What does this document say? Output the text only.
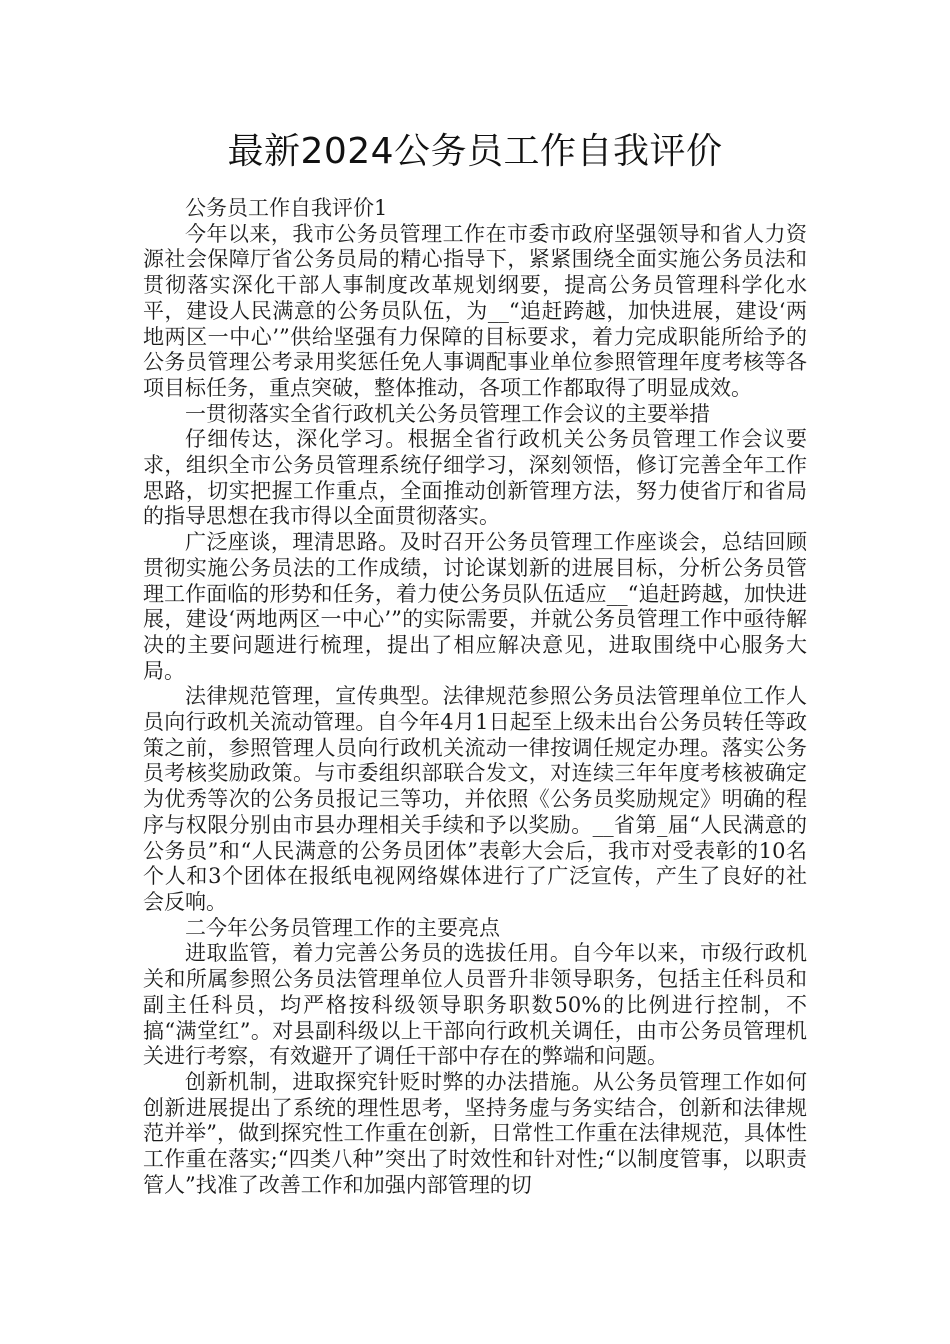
最新2024公务员工作自我评价

公务员工作自我评价1

今年以来，我市公务员管理工作在市委市政府坚强领导和省人力资源社会保障厅省公务员局的精心指导下，紧紧围绕全面实施公务员法和贯彻落实深化干部人事制度改革规划纲要，提高公务员管理科学化水平，建设人民满意的公务员队伍，为__“追赶跨越，加快进展，建设‘两地两区一中心’”供给坚强有力保障的目标要求，着力完成职能所给予的公务员管理公考录用奖惩任免人事调配事业单位参照管理年度考核等各项目标任务，重点突破，整体推动，各项工作都取得了明显成效。

一贯彻落实全省行政机关公务员管理工作会议的主要举措

仔细传达，深化学习。根据全省行政机关公务员管理工作会议要求，组织全市公务员管理系统仔细学习，深刻领悟，修订完善全年工作思路，切实把握工作重点，全面推动创新管理方法，努力使省厅和省局的指导思想在我市得以全面贯彻落实。

广泛座谈，理清思路。及时召开公务员管理工作座谈会，总结回顾贯彻实施公务员法的工作成绩，讨论谋划新的进展目标，分析公务员管理工作面临的形势和任务，着力使公务员队伍适应__“追赶跨越，加快进展，建设‘两地两区一中心’”的实际需要，并就公务员管理工作中亟待解决的主要问题进行梳理，提出了相应解决意见，进取围绕中心服务大局。

法律规范管理，宣传典型。法律规范参照公务员法管理单位工作人员向行政机关流动管理。自今年4月1日起至上级未出台公务员转任等政策之前，参照管理人员向行政机关流动一律按调任规定办理。落实公务员考核奖励政策。与市委组织部联合发文，对连续三年年度考核被确定为优秀等次的公务员报记三等功，并依照《公务员奖励规定》明确的程序与权限分别由市县办理相关手续和予以奖励。__省第_届“人民满意的公务员”和“人民满意的公务员团体”表彰大会后，我市对受表彰的10名个人和3个团体在报纸电视网络媒体进行了广泛宣传，产生了良好的社会反响。

二今年公务员管理工作的主要亮点

进取监管，着力完善公务员的选拔任用。自今年以来，市级行政机关和所属参照公务员法管理单位人员晋升非领导职务，包括主任科员和副主任科员，均严格按科级领导职务职数50%的比例进行控制，不搞“满堂红”。对县副科级以上干部向行政机关调任，由市公务员管理机关进行考察，有效避开了调任干部中存在的弊端和问题。

创新机制，进取探究针贬时弊的办法措施。从公务员管理工作如何创新进展提出了系统的理性思考，坚持务虚与务实结合，创新和法律规范并举”，做到探究性工作重在创新，日常性工作重在法律规范，具体性工作重在落实;“四类八种”突出了时效性和针对性;“以制度管事，以职责管人”找准了改善工作和加强内部管理的切
